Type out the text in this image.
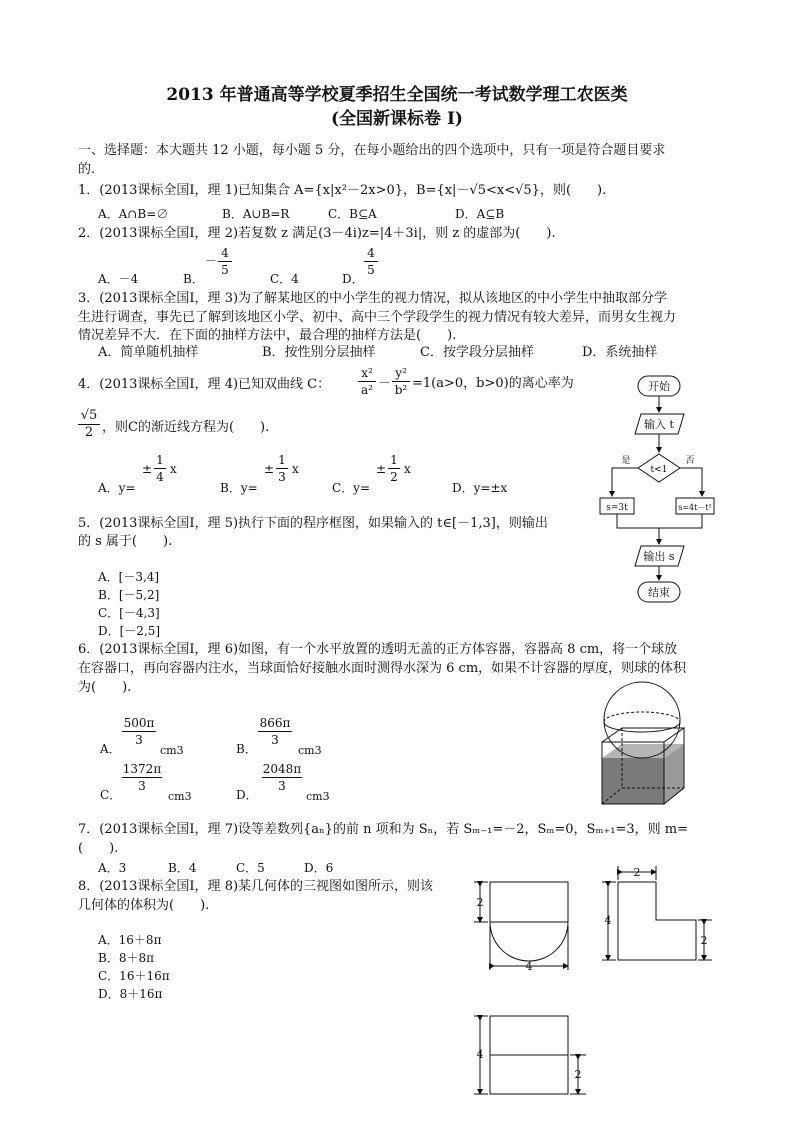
2013 年普通高等学校夏季招生全国统一考试数学理工农医类
(全国新课标卷 I)
一、选择题：本大题共 12 小题，每小题 5 分，在每小题给出的四个选项中，只有一项是符合题目要求
的.
1．(2013课标全国Ⅰ，理 1)已知集合 A={x|x²－2x>0}，B={x|－√5<x<√5}，则(　　).
A．A∩B=∅	B．A∪B=R	C．B⊆A	D．A⊆B
2．(2013课标全国Ⅰ，理 2)若复数 z 满足(3－4i)z=|4＋3i|，则 z 的虚部为(　　).
A．－4	B．
－
4
5
C．4	D．
4
5
3．(2013课标全国Ⅰ，理 3)为了解某地区的中小学生的视力情况，拟从该地区的中小学生中抽取部分学
生进行调查，事先已了解到该地区小学、初中、高中三个学段学生的视力情况有较大差异，而男女生视力
情况差异不大．在下面的抽样方法中，最合理的抽样方法是(　　).
A．简单随机抽样	B．按性别分层抽样	C．按学段分层抽样	D．系统抽样
4．(2013课标全国Ⅰ，理 4)已知双曲线 C：
x²
a² －
y²
b² =1(a>0，b>0)的离心率为
√5
2 ，则C的渐近线方程为(　　).
A．y=
±
1
4
x
B．y=
±
1
3
x
C．y=
±
1
2
x
D．y=±x
5．(2013课标全国Ⅰ，理 5)执行下面的程序框图，如果输入的 t∈[－1,3]，则输出
的 s 属于(　　).
A．[－3,4]
B．[－5,2]
C．[－4,3]
D．[－2,5]
开始
输入 t
t<1
是	否
s=3t	s=4t－t²
输出 s
结束
6．(2013课标全国Ⅰ，理 6)如图，有一个水平放置的透明无盖的正方体容器，容器高 8 cm，将一个球放
在容器口，再向容器内注水，当球面恰好接触水面时测得水深为 6 cm，如果不计容器的厚度，则球的体积
为(　　).
A．
500π
3
cm3	B．
866π
3
cm3
C．
1372π
3
cm3	D．
2048π
3
cm3
7．(2013课标全国Ⅰ，理 7)设等差数列{aₙ}的前 n 项和为 Sₙ，若 Sₘ₋₁=－2，Sₘ=0，Sₘ₊₁=3，则 m=
(　　).
A．3	B．4	C．5	D．6
8．(2013课标全国Ⅰ，理 8)某几何体的三视图如图所示，则该
几何体的体积为(　　).
A．16＋8π
B．8＋8π
C．16＋16π
D．8＋16π
2
4
2
4
2
4
2
